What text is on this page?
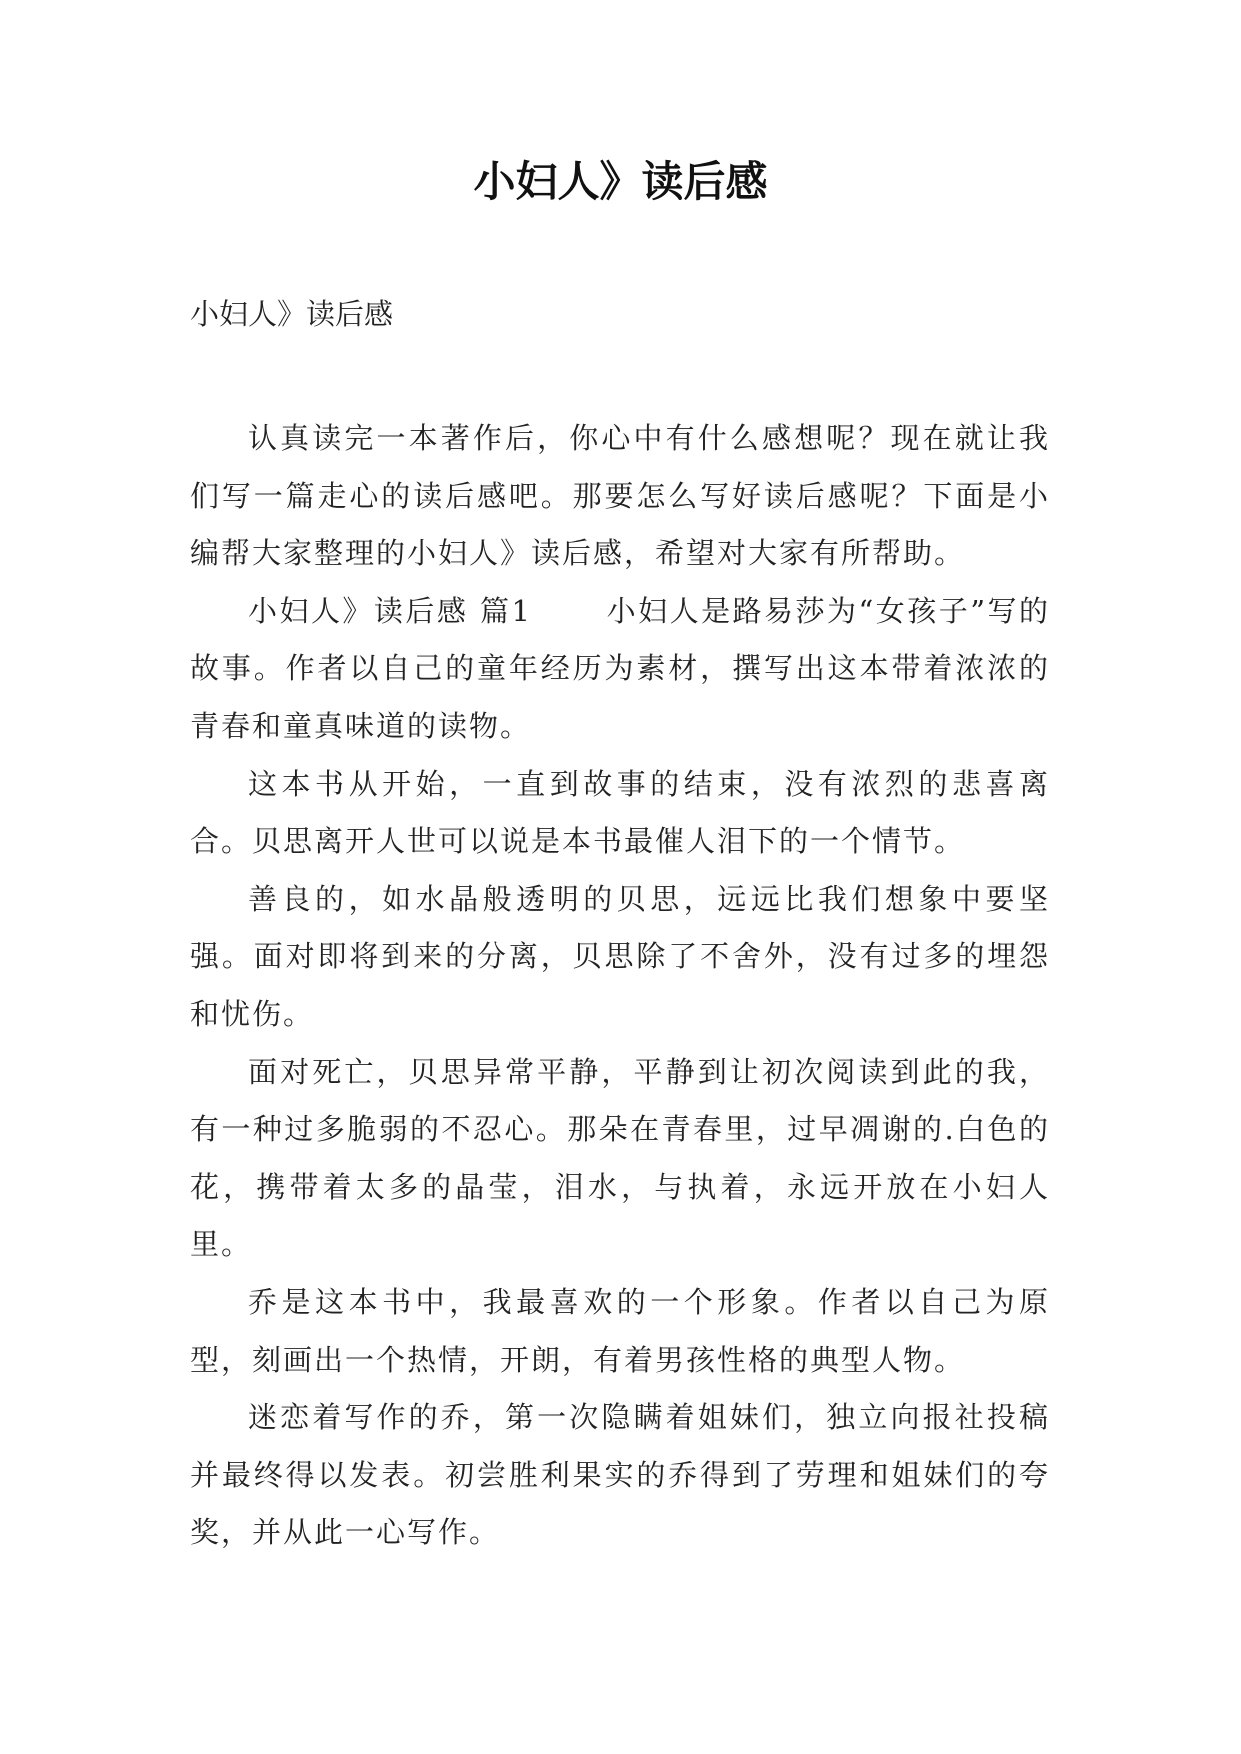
小妇人》读后感

小妇人》读后感

认真读完一本著作后，你心中有什么感想呢？现在就让我们写一篇走心的读后感吧。那要怎么写好读后感呢？下面是小编帮大家整理的小妇人》读后感，希望对大家有所帮助。

小妇人》读后感 篇1 　　小妇人是路易莎为“女孩子”写的故事。作者以自己的童年经历为素材，撰写出这本带着浓浓的青春和童真味道的读物。

这本书从开始，一直到故事的结束，没有浓烈的悲喜离合。贝思离开人世可以说是本书最催人泪下的一个情节。

善良的，如水晶般透明的贝思，远远比我们想象中要坚强。面对即将到来的分离，贝思除了不舍外，没有过多的埋怨和忧伤。

面对死亡，贝思异常平静，平静到让初次阅读到此的我，有一种过多脆弱的不忍心。那朵在青春里，过早凋谢的.白色的花，携带着太多的晶莹，泪水，与执着，永远开放在小妇人里。

乔是这本书中，我最喜欢的一个形象。作者以自己为原型，刻画出一个热情，开朗，有着男孩性格的典型人物。

迷恋着写作的乔，第一次隐瞒着姐妹们，独立向报社投稿并最终得以发表。初尝胜利果实的乔得到了劳理和姐妹们的夸奖，并从此一心写作。
